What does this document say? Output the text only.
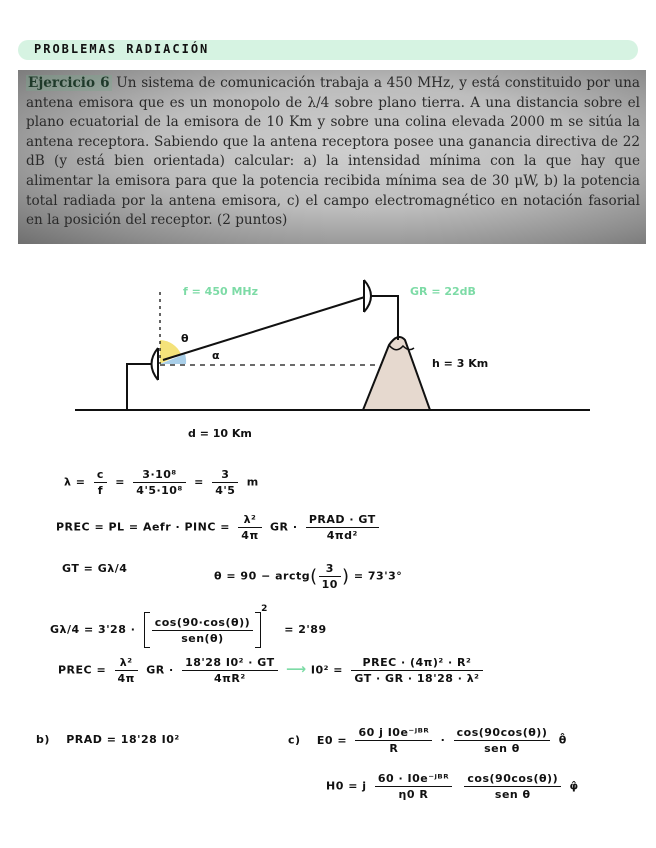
PROBLEMAS RADIACIÓN
Ejercicio 6 Un sistema de comunicación trabaja a 450 MHz, y está constituido por una antena emisora que es un monopolo de λ/4 sobre plano tierra. A una distancia sobre el plano ecuatorial de la emisora de 10 Km y sobre una colina elevada 2000 m se sitúa la antena receptora. Sabiendo que la antena receptora posee una ganancia directiva de 22 dB (y está bien orientada) calcular: a) la intensidad mínima con la que hay que alimentar la emisora para que la potencia recibida mínima sea de 30 μW, b) la potencia total radiada por la antena emisora, c) el campo electromagnético en notación fasorial en la posición del receptor. (2 puntos)
f = 450 MHz	GR = 22dB
θ
α
h = 3 Km
d = 10 Km
$\lambda = \frac{c}{f} = \frac{\text{3·10⁸}}{\text{4'5·10⁸}} = \frac{3}{4'5}$ m
PREC = PL = Aefr · PINC = $\frac{\text{λ²}}{4\pi}$ GR · $\frac{\text{PRAD · GT}}{\text{4πd²}}$
GT = Gλ/4
θ = 90 − arctg( $\frac{3}{10}$ ) = 73'3°
$G\lambda/4 = 3'28 \cdot \frac{\cos(90\cdot\cos(\theta))}{\text{sen(θ)}}$
$^2$ = 2'89
PREC = $\frac{\text{λ²}}{4\pi}$ GR · $\frac{\text{18'28 I0² · GT}}{\text{4πR²}}$ ⟶ $I0^2 = \frac{\text{PREC · (4π)² · R²}}{\text{GT · GR · 18'28 · λ²}}$
b) PRAD = 18'28 I0²	c) $E0 = \frac{\text{60 j I0e⁻ʲᴮᴿ}}{R} \cdot \frac{\cos(90\cos(\theta))}{\text{sen θ}}$ θ̂
H0 = j $\frac{\text{60 · I0e⁻ʲᴮᴿ}}{\eta 0 R}$
$\frac{\cos(90\cos(\theta))}{\text{sen θ}}$ φ̂
